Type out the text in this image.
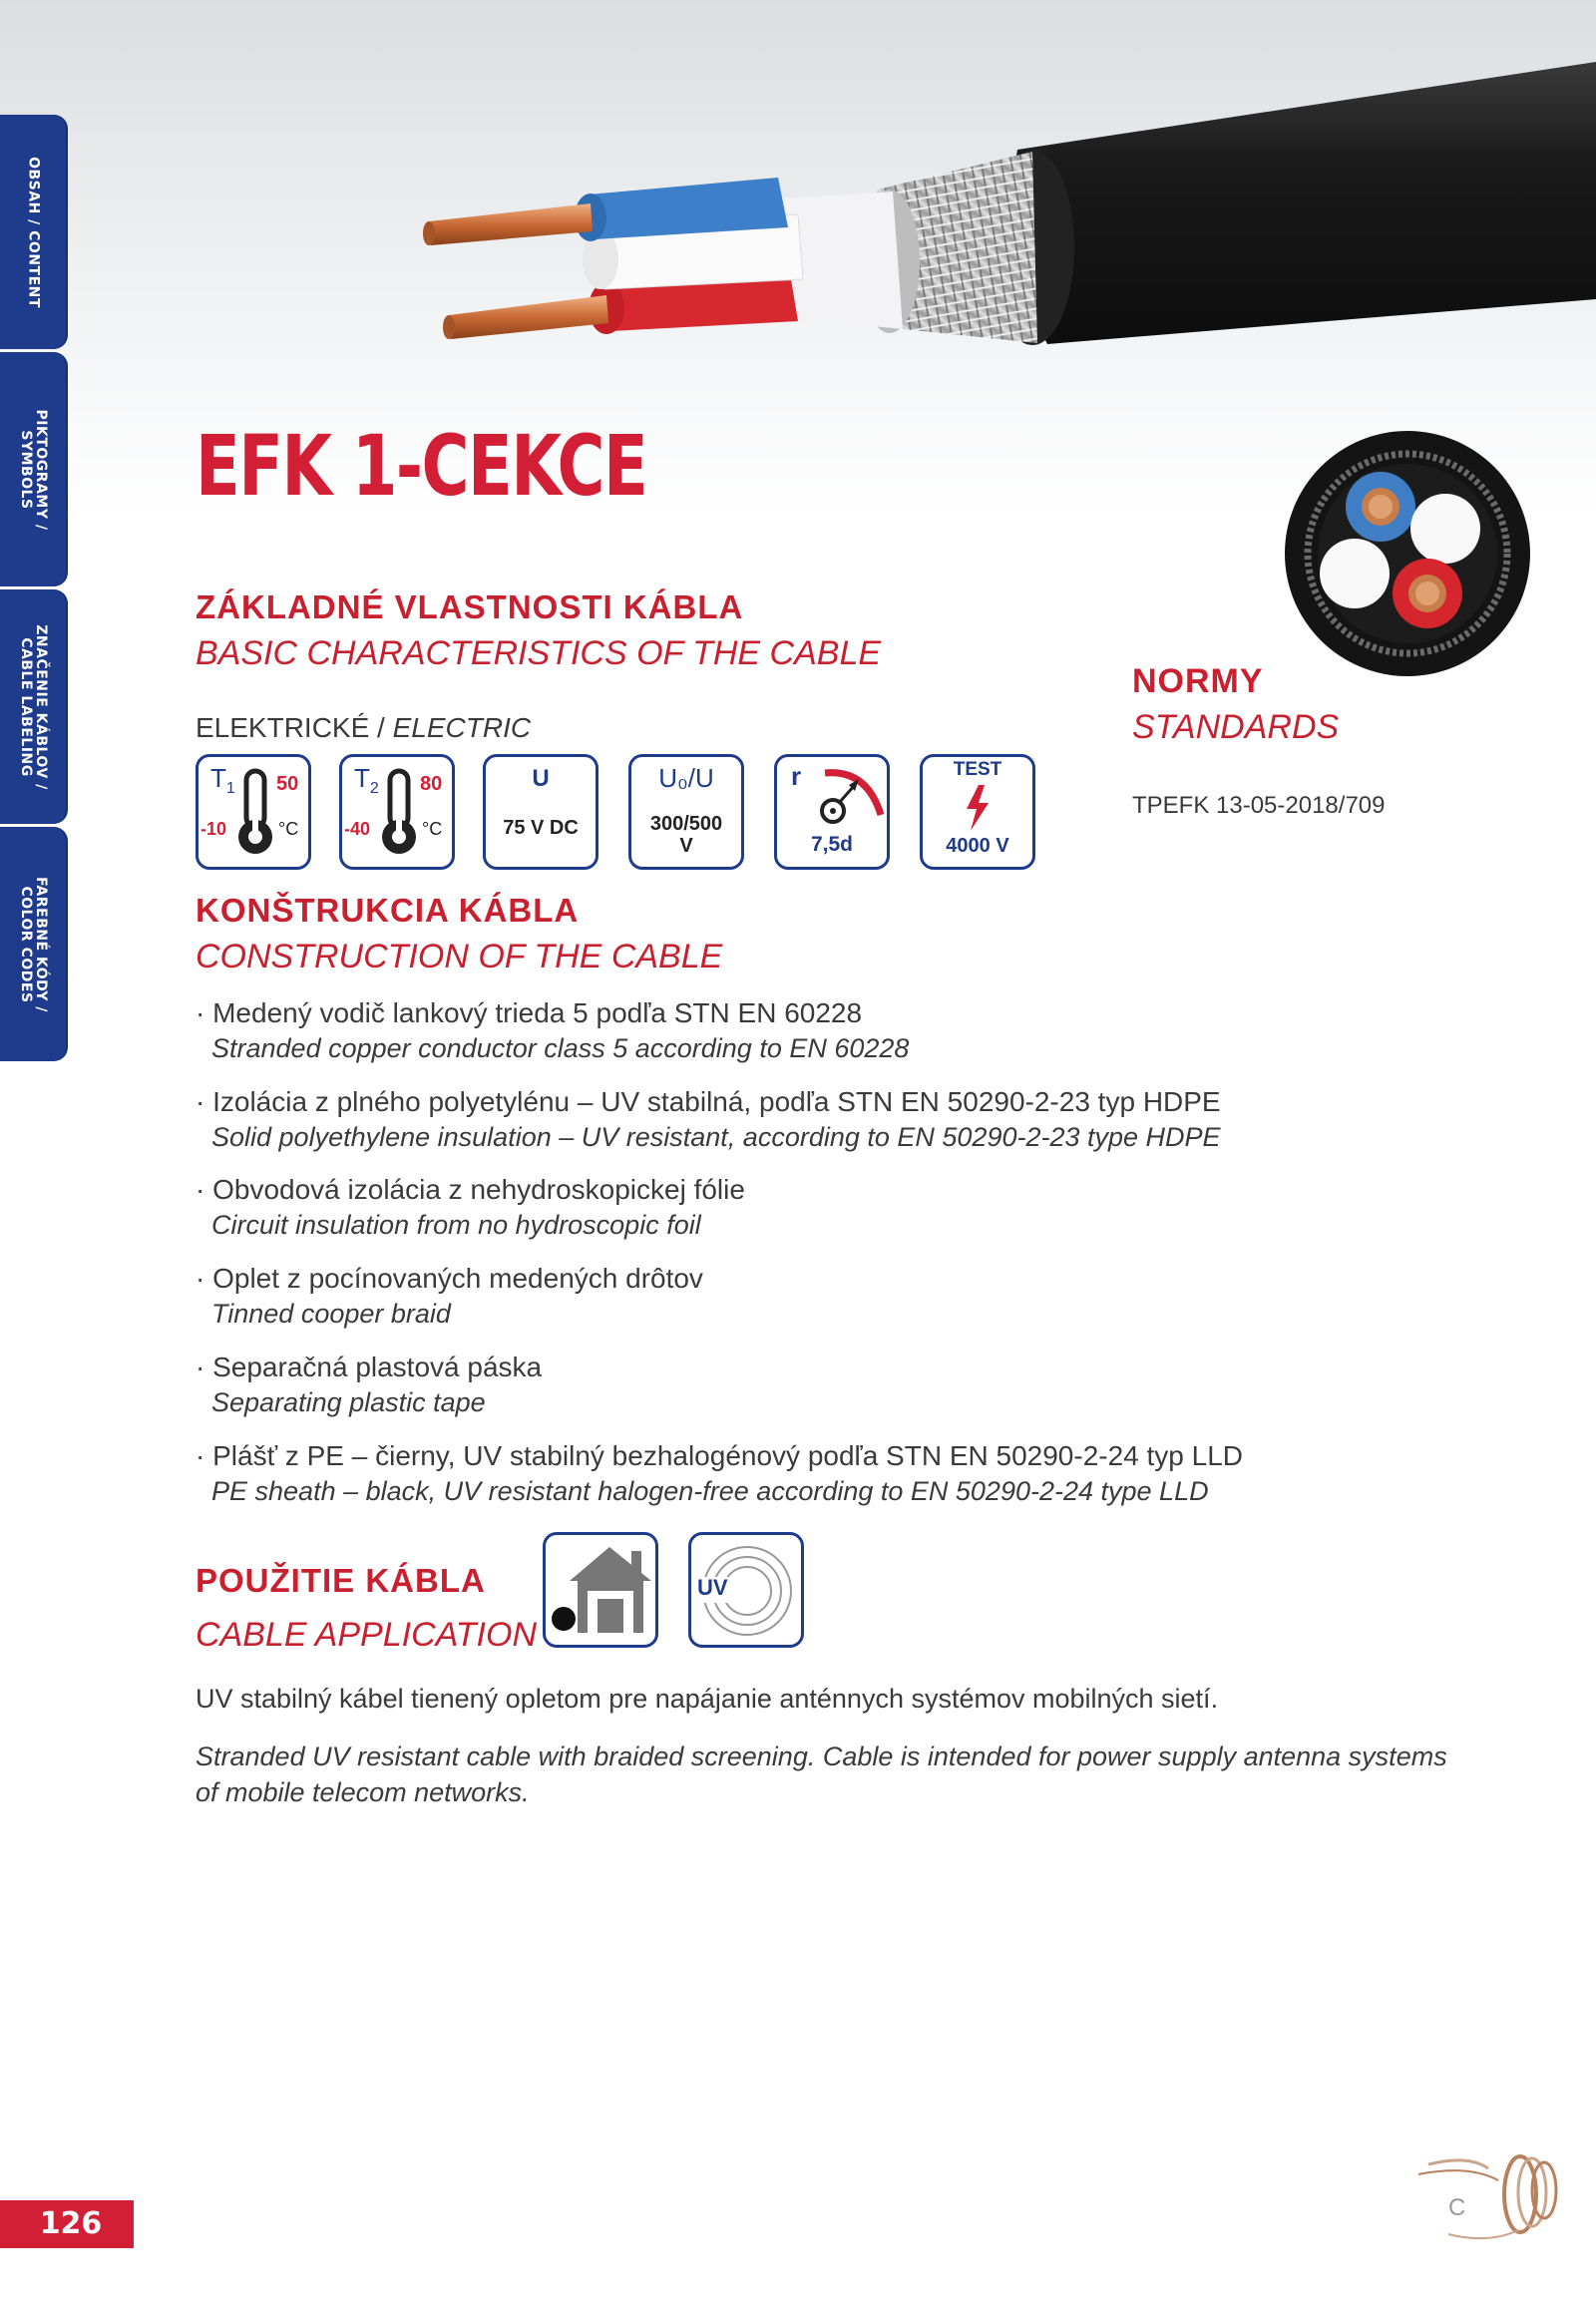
OBSAH / CONTENT
PIKTOGRAMY /
SYMBOLS
ZNAČENIE KÁBLOV /
CABLE LABELING
FAREBNÉ KÓDY /
COLOR CODES
EFK 1-CEKCE
ZÁKLADNÉ VLASTNOSTI KÁBLA
BASIC CHARACTERISTICS OF THE CABLE
ELEKTRICKÉ / ELECTRIC
$T_1$ 50
-10	°C
$T_2$ 80
-40	°C
U
75 V DC
U₀/U
300/500
V
r
7,5d
TEST
4000 V
NORMY
STANDARDS
TPEFK 13-05-2018/709
KONŠTRUKCIA KÁBLA
CONSTRUCTION OF THE CABLE
· Medený vodič lankový trieda 5 podľa STN EN 60228
Stranded copper conductor class 5 according to EN 60228
· Izolácia z plného polyetylénu – UV stabilná, podľa STN EN 50290-2-23 typ HDPE
Solid polyethylene insulation – UV resistant, according to EN 50290-2-23 type HDPE
· Obvodová izolácia z nehydroskopickej fólie
Circuit insulation from no hydroscopic foil
· Oplet z pocínovaných medených drôtov
Tinned cooper braid
· Separačná plastová páska
Separating plastic tape
· Plášť z PE – čierny, UV stabilný bezhalogénový podľa STN EN 50290-2-24 typ LLD
PE sheath – black, UV resistant halogen-free according to EN 50290-2-24 type LLD
POUŽITIE KÁBLA
CABLE APPLICATION
UV
UV stabilný kábel tienený opletom pre napájanie anténnych systémov mobilných sietí.
Stranded UV resistant cable with braided screening. Cable is intended for power supply antenna systems
of mobile telecom networks.
126	C
